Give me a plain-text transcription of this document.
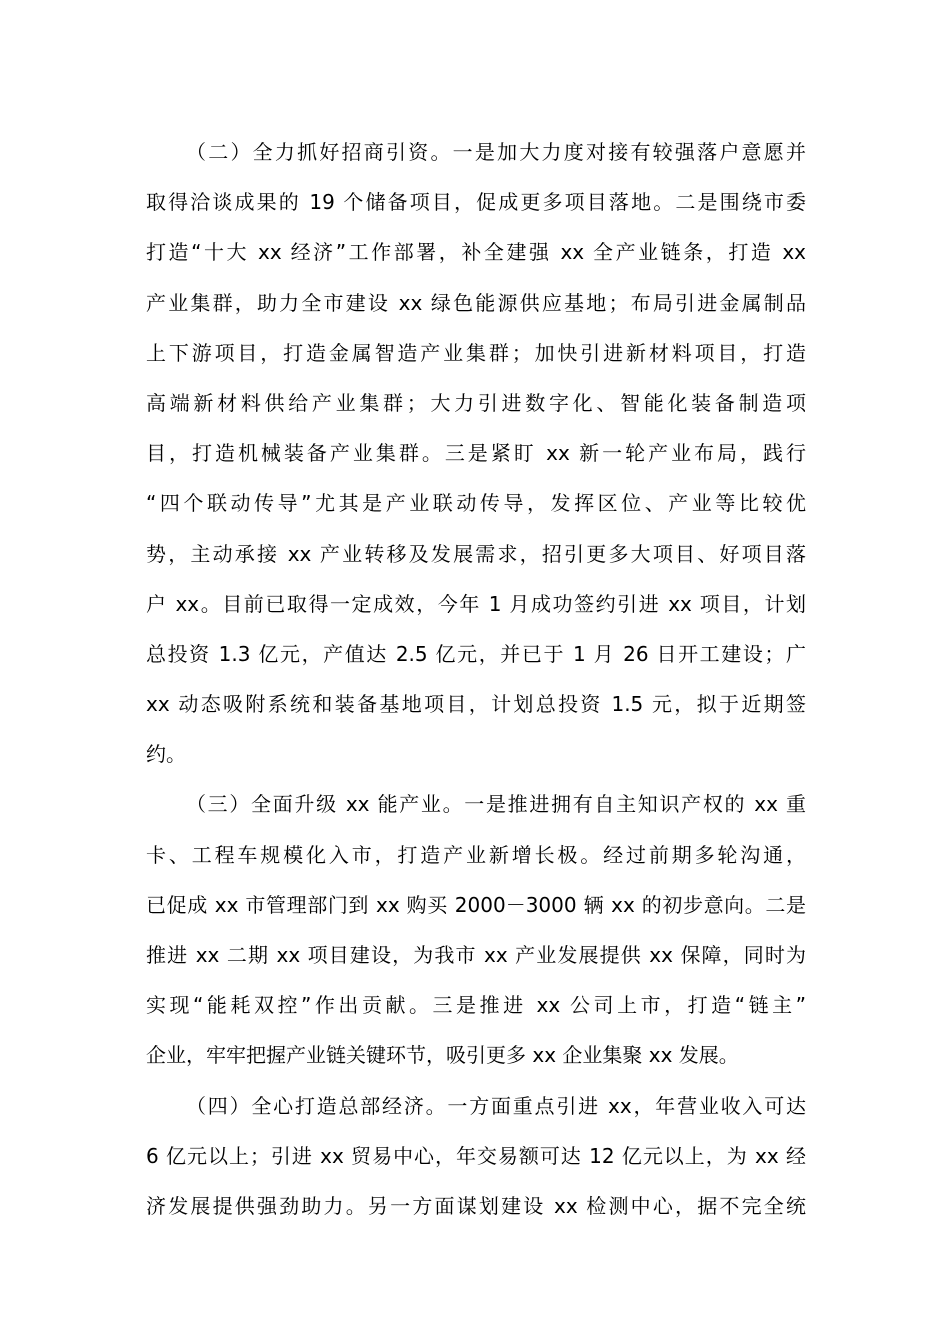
（二）全力抓好招商引资。一是加大力度对接有较强落户意愿并
取得洽谈成果的 19 个储备项目，促成更多项目落地。二是围绕市委
打造“十大 xx 经济”工作部署，补全建强 xx 全产业链条，打造 xx
产业集群，助力全市建设 xx 绿色能源供应基地；布局引进金属制品
上下游项目，打造金属智造产业集群；加快引进新材料项目，打造
高端新材料供给产业集群；大力引进数字化、智能化装备制造项
目，打造机械装备产业集群。三是紧盯 xx 新一轮产业布局，践行
“四个联动传导”尤其是产业联动传导，发挥区位、产业等比较优
势，主动承接 xx 产业转移及发展需求，招引更多大项目、好项目落
户 xx。目前已取得一定成效，今年 1 月成功签约引进 xx 项目，计划
总投资 1.3 亿元，产值达 2.5 亿元，并已于 1 月 26 日开工建设；广
xx 动态吸附系统和装备基地项目，计划总投资 1.5 元，拟于近期签
约。
（三）全面升级 xx 能产业。一是推进拥有自主知识产权的 xx 重
卡、工程车规模化入市，打造产业新增长极。经过前期多轮沟通，
已促成 xx 市管理部门到 xx 购买 2000－3000 辆 xx 的初步意向。二是
推进 xx 二期 xx 项目建设，为我市 xx 产业发展提供 xx 保障，同时为
实现“能耗双控”作出贡献。三是推进 xx 公司上市，打造“链主”
企业，牢牢把握产业链关键环节，吸引更多 xx 企业集聚 xx 发展。
（四）全心打造总部经济。一方面重点引进 xx，年营业收入可达
6 亿元以上；引进 xx 贸易中心，年交易额可达 12 亿元以上，为 xx 经
济发展提供强劲助力。另一方面谋划建设 xx 检测中心，据不完全统
